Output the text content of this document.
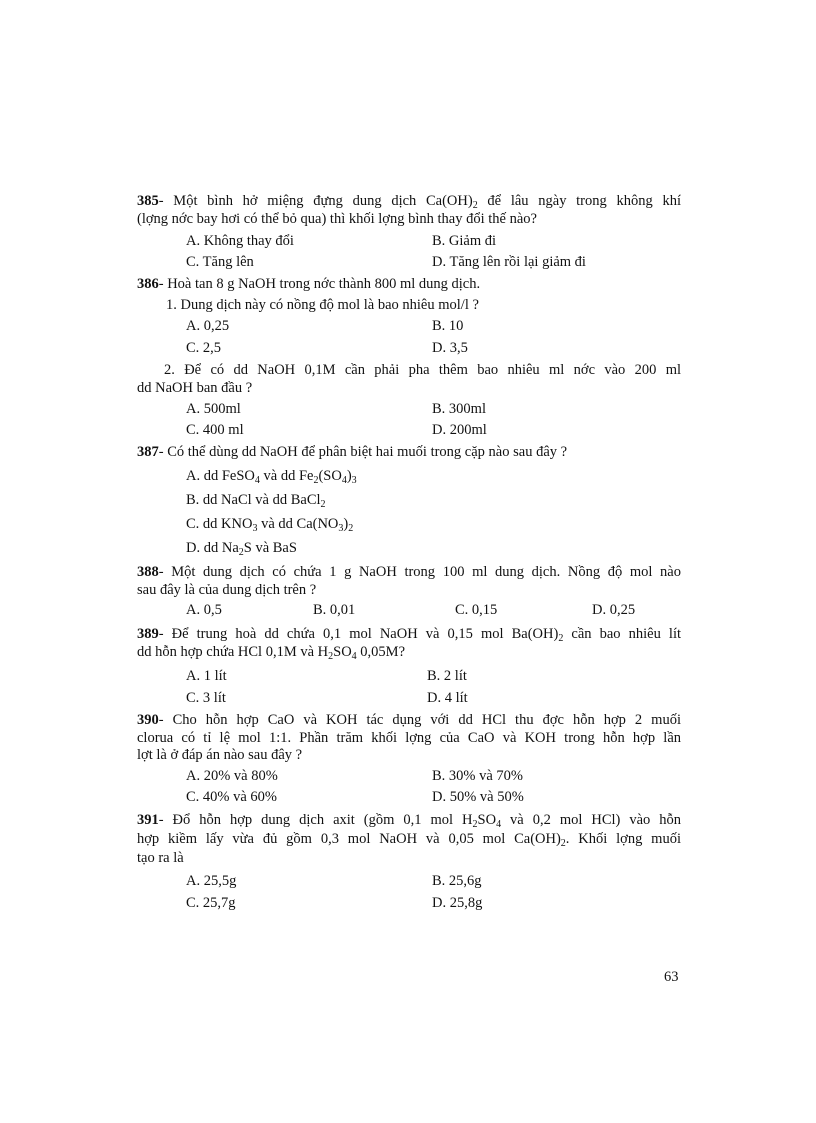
385- Một bình hở miệng đựng dung dịch $Ca(OH)_2$ để lâu ngày trong không khí
(lợng nớc bay hơi có thể bỏ qua) thì khối lợng bình thay đổi thế nào?
A. Không thay đổi	B. Giảm đi
C. Tăng lên	D. Tăng lên rồi lại giảm đi
386- Hoà tan 8 g NaOH trong nớc thành 800 ml dung dịch.
1. Dung dịch này có nồng độ mol là bao nhiêu mol/l ?
A. 0,25	B. 10
C. 2,5	D. 3,5
2. Để có dd NaOH 0,1M cần phải pha thêm bao nhiêu ml nớc vào 200 ml
dd NaOH ban đầu ?
A. 500ml	B. 300ml
C. 400 ml	D. 200ml
387- Có thể dùng dd NaOH để phân biệt hai muối trong cặp nào sau đây ?
A. dd FeSO$_4$ và dd $Fe_2(SO_4)_3$
B. dd NaCl và dd BaCl$_2$
C. dd $KNO_3$ và dd $Ca(NO_3)_2$
D. dd $Na_2S$ và BaS
388- Một dung dịch có chứa 1 g NaOH trong 100 ml dung dịch. Nồng độ mol nào
sau đây là của dung dịch trên ?
A. 0,5	B. 0,01	C. 0,15	D. 0,25
389- Để trung hoà dd chứa 0,1 mol NaOH và 0,15 mol $Ba(OH)_2$ cần bao nhiêu lít
dd hỗn hợp chứa HCl 0,1M và $H_2SO_4$ 0,05M?
A. 1 lít	B. 2 lít
C. 3 lít	D. 4 lít
390- Cho hỗn hợp CaO và KOH tác dụng với dd HCl thu đợc hỗn hợp 2 muối
clorua có tỉ lệ mol 1:1. Phần trăm khối lợng của CaO và KOH trong hỗn hợp lần
lợt là ở đáp án nào sau đây ?
A. 20% và 80%	B. 30% và 70%
C. 40% và 60%	D. 50% và 50%
391- Đổ hỗn hợp dung dịch axit (gồm 0,1 mol $H_2SO_4$ và 0,2 mol HCl) vào hỗn
hợp kiềm lấy vừa đủ gồm 0,3 mol NaOH và 0,05 mol $Ca(OH)_2$. Khối lợng muối
tạo ra là
A. 25,5g	B. 25,6g
C. 25,7g	D. 25,8g
63
